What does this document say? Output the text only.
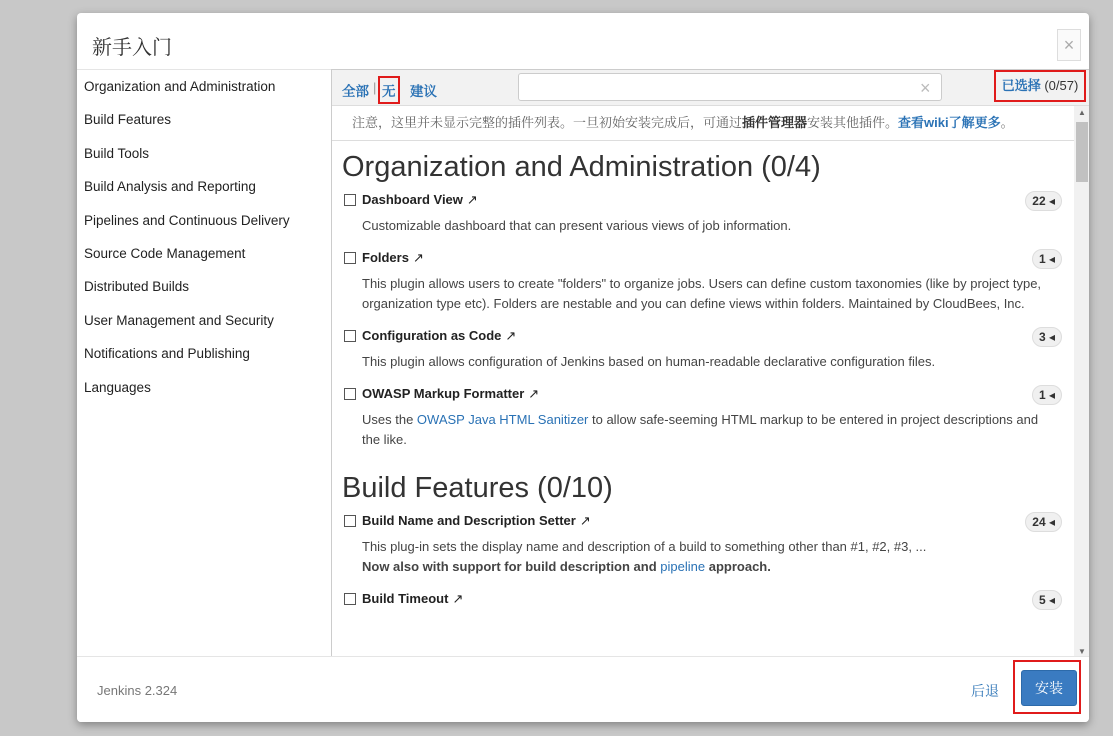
新手入门	×
Organization and Administration
Build Features
Build Tools
Build Analysis and Reporting
Pipelines and Continuous Delivery
Source Code Management
Distributed Builds
User Management and Security
Notifications and Publishing
Languages
全部 | 无 建议	×	已选择 (0/57)
注意，这里并未显示完整的插件列表。一旦初始安装完成后，可通过插件管理器安装其他插件。查看wiki了解更多。
Organization and Administration (0/4)
Dashboard View ↗	22 ◂
Customizable dashboard that can present various views of job information.
Folders ↗	1 ◂
This plugin allows users to create "folders" to organize jobs. Users can define custom taxonomies (like by project type, organization type etc). Folders are nestable and you can define views within folders. Maintained by CloudBees, Inc.
Configuration as Code ↗	3 ◂
This plugin allows configuration of Jenkins based on human-readable declarative configuration files.
OWASP Markup Formatter ↗	1 ◂
Uses the OWASP Java HTML Sanitizer to allow safe-seeming HTML markup to be entered in project descriptions and the like.
Build Features (0/10)
Build Name and Description Setter ↗	24 ◂
This plug-in sets the display name and description of a build to something other than #1, #2, #3, ...
Now also with support for build description and pipeline approach.
Build Timeout ↗	5 ◂
▲
▼
Jenkins 2.324	后退	安装
